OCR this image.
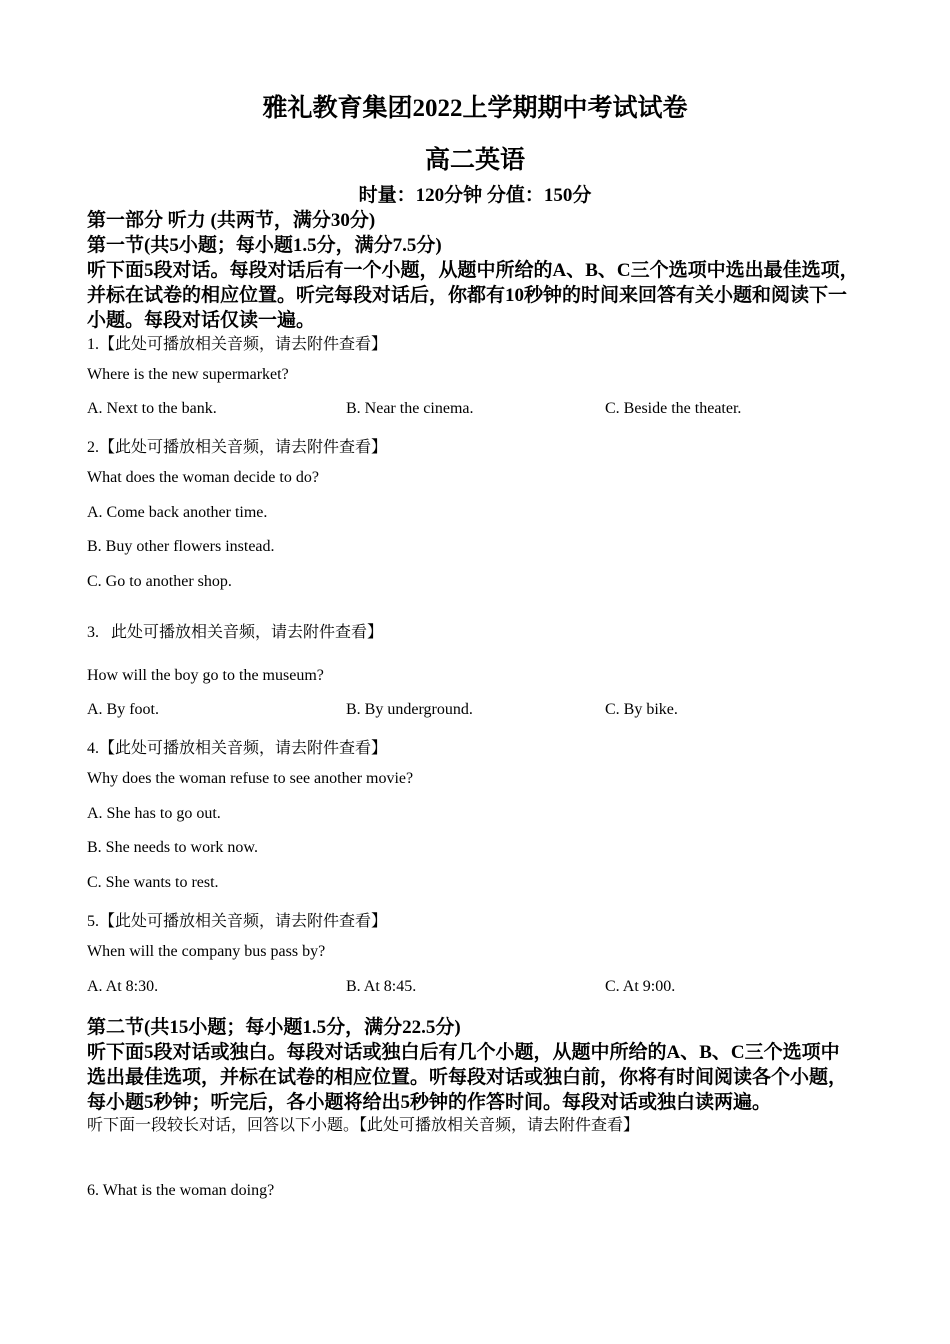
雅礼教育集团2022上学期期中考试试卷
高二英语
时量：120分钟 分值：150分
第一部分 听力 (共两节，满分30分)
第一节(共5小题；每小题1.5分，满分7.5分)
听下面5段对话。每段对话后有一个小题，从题中所给的A、B、C三个选项中选出最佳选项，
并标在试卷的相应位置。听完每段对话后，你都有10秒钟的时间来回答有关小题和阅读下一
小题。每段对话仅读一遍。
1.【此处可播放相关音频，请去附件查看】
Where is the new supermarket?
A. Next to the bank.	B. Near the cinema.	C. Beside the theater.
2.【此处可播放相关音频，请去附件查看】
What does the woman decide to do?
A. Come back another time.
B. Buy other flowers instead.
C. Go to another shop.
3.   此处可播放相关音频，请去附件查看】
How will the boy go to the museum?
A. By foot.	B. By underground.	C. By bike.
4.【此处可播放相关音频，请去附件查看】
Why does the woman refuse to see another movie?
A. She has to go out.
B. She needs to work now.
C. She wants to rest.
5.【此处可播放相关音频，请去附件查看】
When will the company bus pass by?
A. At 8:30.	B. At 8:45.	C. At 9:00.
第二节(共15小题；每小题1.5分，满分22.5分)
听下面5段对话或独白。每段对话或独白后有几个小题，从题中所给的A、B、C三个选项中
选出最佳选项，并标在试卷的相应位置。听每段对话或独白前，你将有时间阅读各个小题，
每小题5秒钟；听完后，各小题将给出5秒钟的作答时间。每段对话或独白读两遍。
听下面一段较长对话，回答以下小题。【此处可播放相关音频，请去附件查看】
6. What is the woman doing?
